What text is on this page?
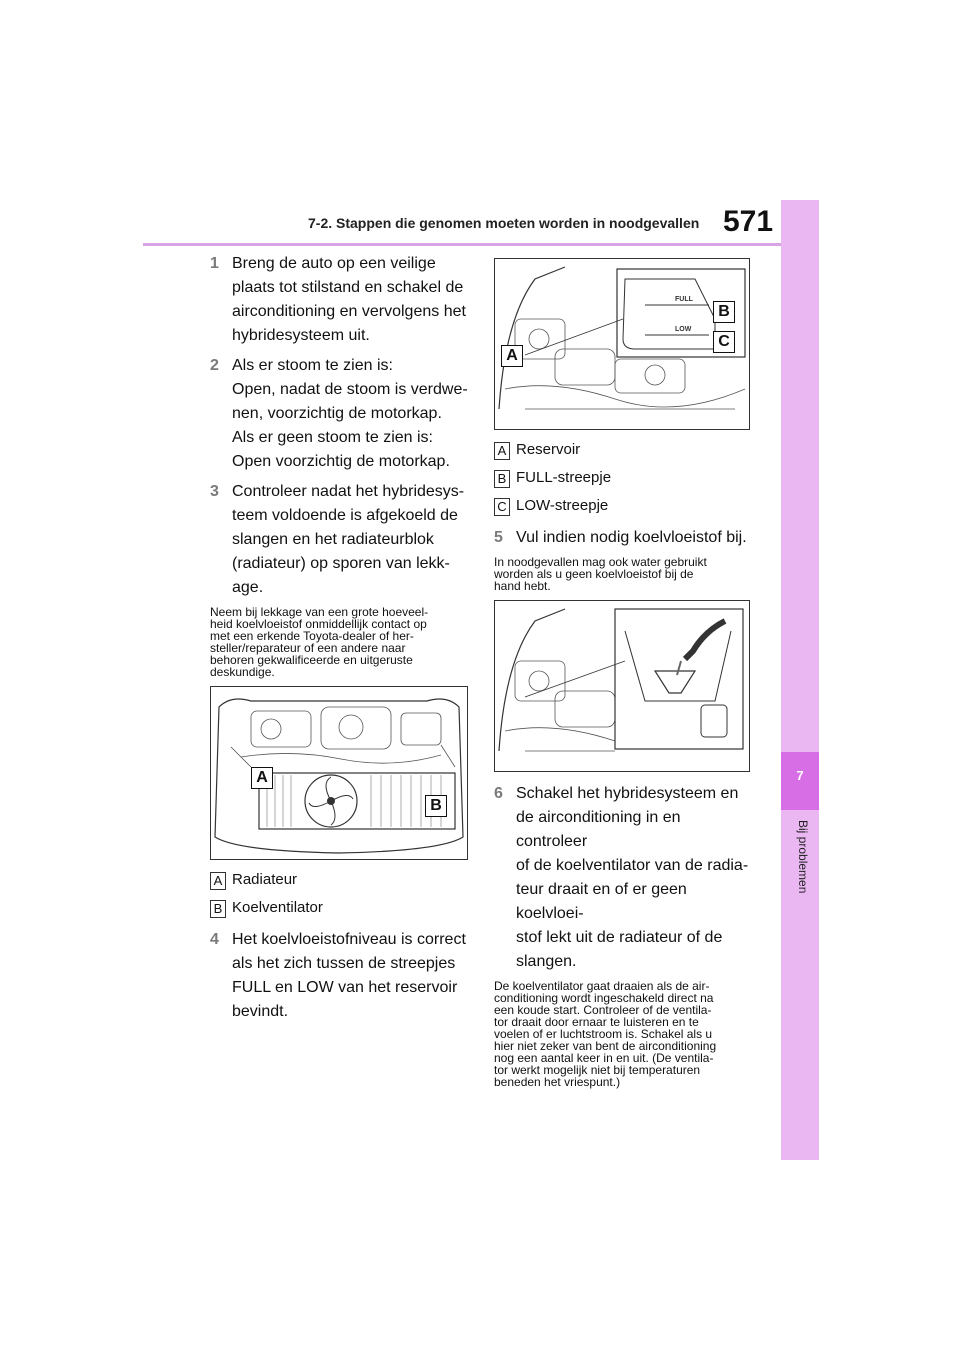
7-2. Stappen die genomen moeten worden in noodgevallen 571
7
Bij problemen
1 Breng de auto op een veilige
plaats tot stilstand en schakel de
airconditioning en vervolgens het
hybridesysteem uit.
2 Als er stoom te zien is:
Open, nadat de stoom is verdwe-
nen, voorzichtig de motorkap.
Als er geen stoom te zien is:
Open voorzichtig de motorkap.
3 Controleer nadat het hybridesys-
teem voldoende is afgekoeld de
slangen en het radiateurblok
(radiateur) op sporen van lekk-
age.
Neem bij lekkage van een grote hoeveel-
heid koelvloeistof onmiddellijk contact op
met een erkende Toyota-dealer of her-
steller/reparateur of een andere naar
behoren gekwalificeerde en uitgeruste
deskundige.
A
B
A Radiateur
B Koelventilator
4 Het koelvloeistofniveau is correct
als het zich tussen de streepjes
FULL en LOW van het reservoir
bevindt.
FULL
LOW
A
B
C
A Reservoir
B FULL-streepje
C LOW-streepje
5 Vul indien nodig koelvloeistof bij.
In noodgevallen mag ook water gebruikt
worden als u geen koelvloeistof bij de
hand hebt.
6 Schakel het hybridesysteem en
de airconditioning in en controleer
of de koelventilator van de radia-
teur draait en of er geen koelvloei-
stof lekt uit de radiateur of de
slangen.
De koelventilator gaat draaien als de air-
conditioning wordt ingeschakeld direct na
een koude start. Controleer of de ventila-
tor draait door ernaar te luisteren en te
voelen of er luchtstroom is. Schakel als u
hier niet zeker van bent de airconditioning
nog een aantal keer in en uit. (De ventila-
tor werkt mogelijk niet bij temperaturen
beneden het vriespunt.)
